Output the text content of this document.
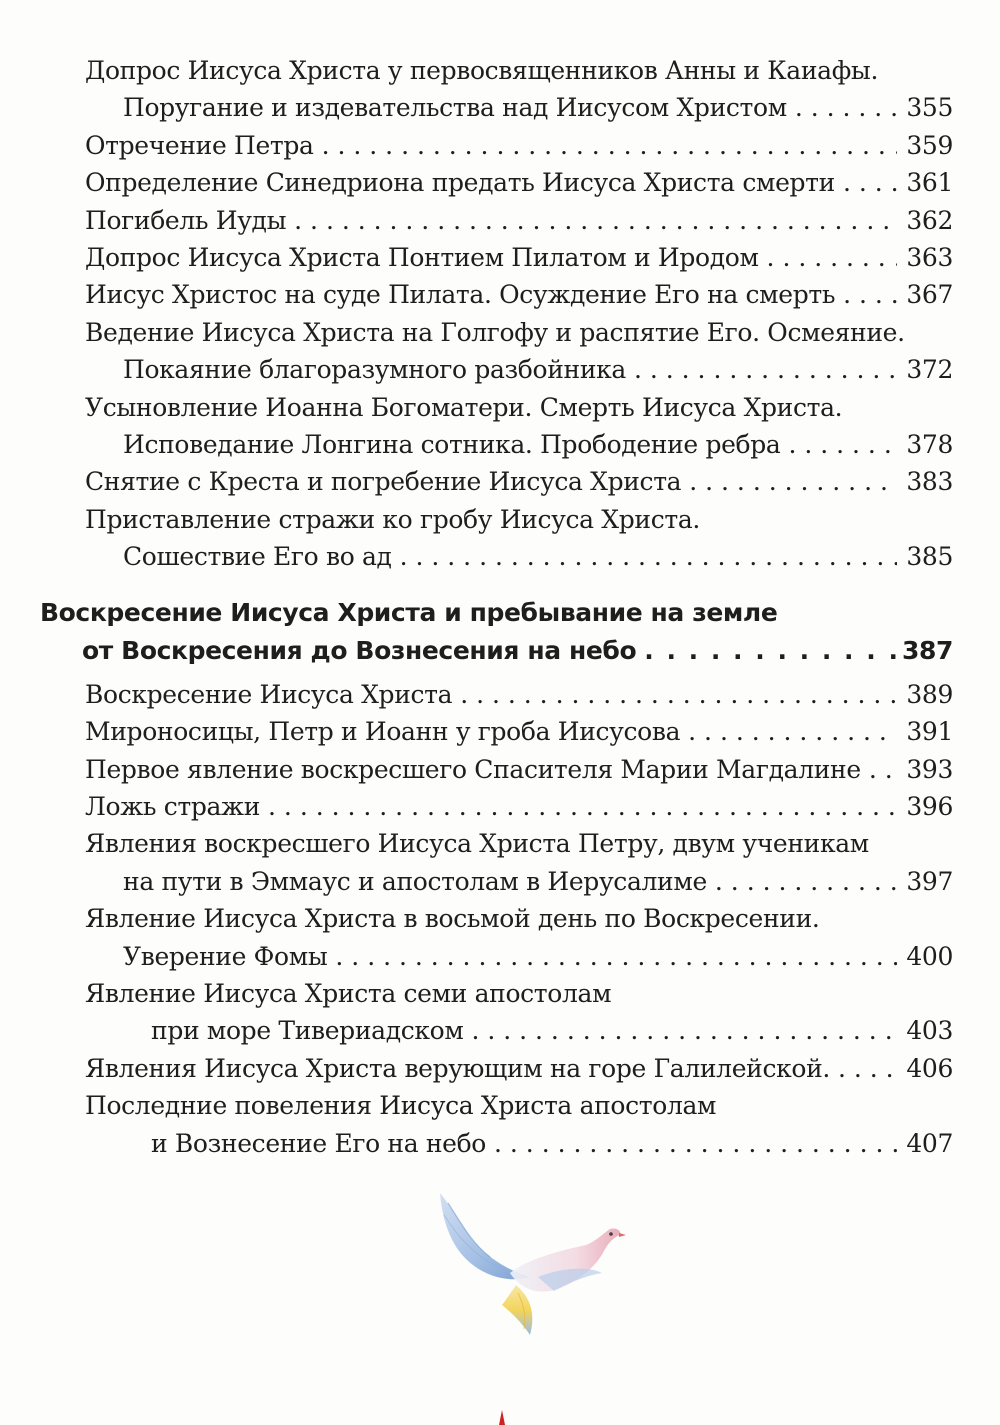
Допрос Иисуса Христа у первосвященников Анны и Каиафы.
Поругание и издевательства над Иисусом Христом . . .	355
Отречение Петра . . .	359
Определение Синедриона предать Иисуса Христа смерти . . .	361
Погибель Иуды . . .	362
Допрос Иисуса Христа Понтием Пилатом и Иродом . . .	363
Иисус Христос на суде Пилата. Осуждение Его на смерть . . .	367
Ведение Иисуса Христа на Голгофу и распятие Его. Осмеяние.
Покаяние благоразумного разбойника . . .	372
Усыновление Иоанна Богоматери. Смерть Иисуса Христа.
Исповедание Лонгина сотника. Прободение ребра . . .	378
Снятие с Креста и погребение Иисуса Христа . . .	383
Приставление стражи ко гробу Иисуса Христа.
Сошествие Его во ад . . .	385
Воскресение Иисуса Христа и пребывание на земле
от Воскресения до Вознесения на небо . . .	387
Воскресение Иисуса Христа . . .	389
Мироносицы, Петр и Иоанн у гроба Иисусова . . .	391
Первое явление воскресшего Спасителя Марии Магдалине . . . 393
Ложь стражи . . .	396
Явления воскресшего Иисуса Христа Петру, двум ученикам
на пути в Эммаус и апостолам в Иерусалиме . . .	397
Явление Иисуса Христа в восьмой день по Воскресении.
Уверение Фомы . . .	400
Явление Иисуса Христа семи апостолам
при море Тивериадском . . .	403
Явления Иисуса Христа верующим на горе Галилейской. . . .	406
Последние повеления Иисуса Христа апостолам
и Вознесение Его на небо . . .	407
